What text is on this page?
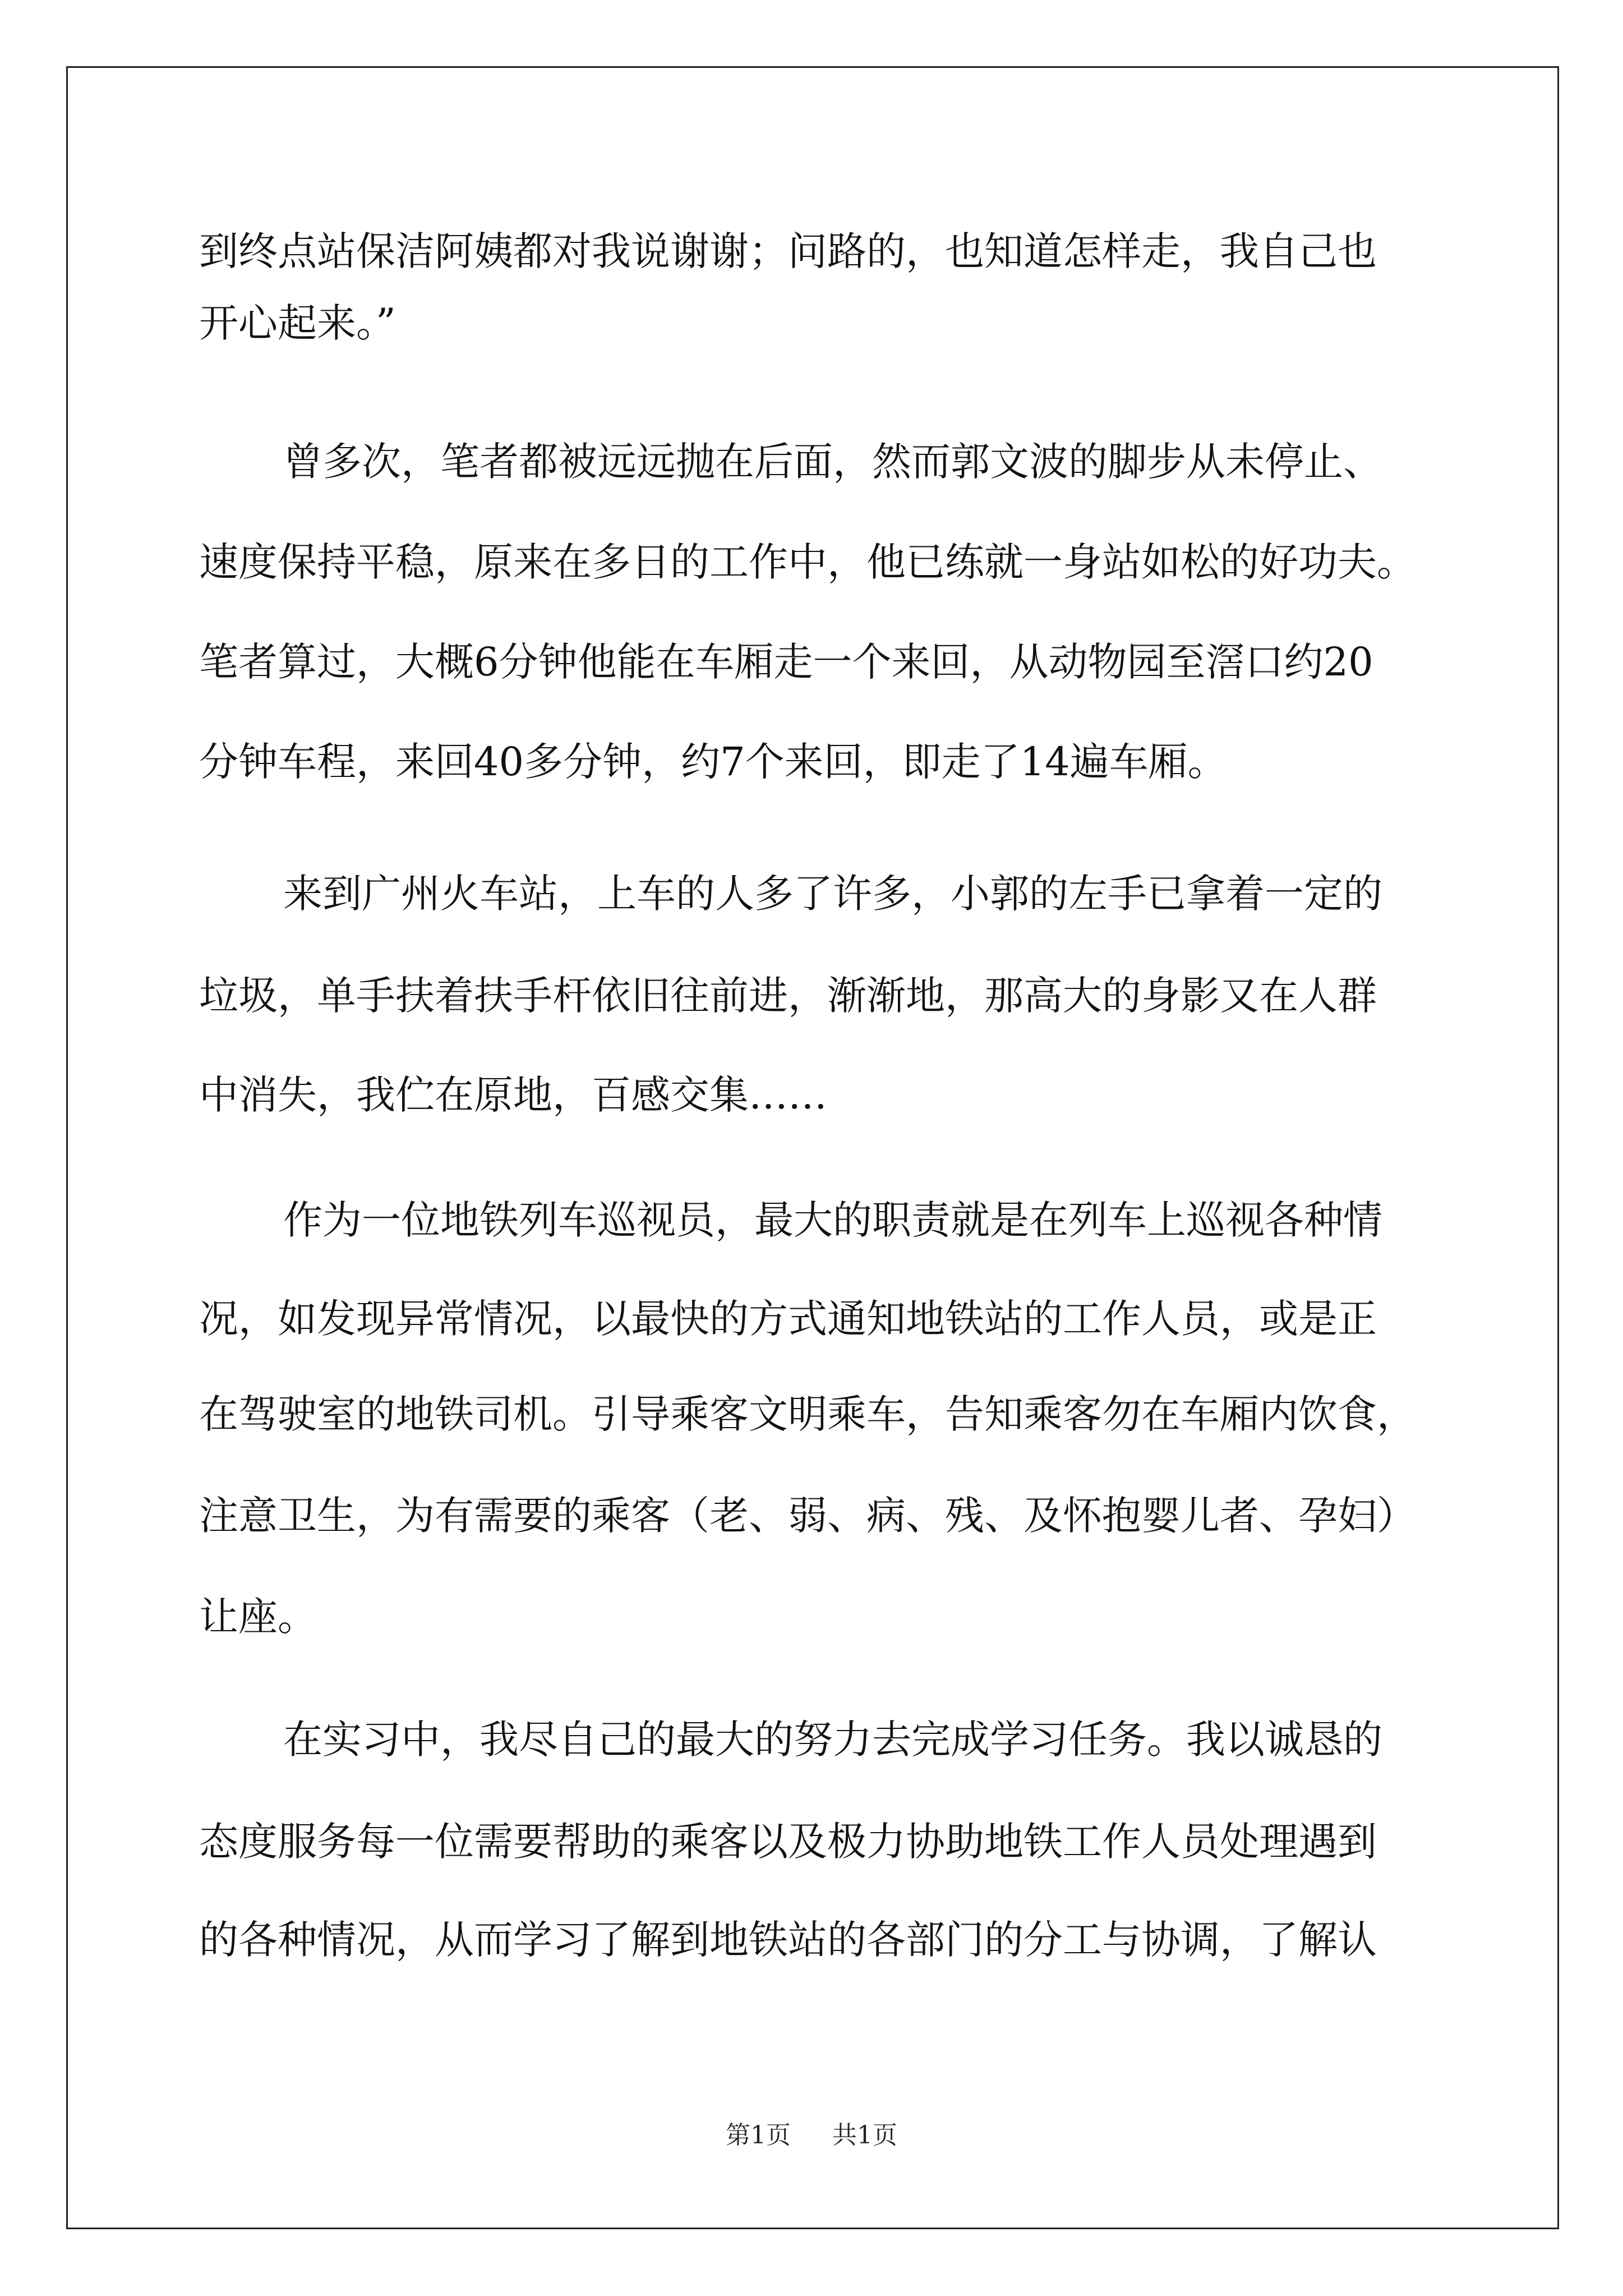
到终点站保洁阿姨都对我说谢谢；问路的，也知道怎样走，我自己也
开心起来。”
曾多次，笔者都被远远抛在后面，然而郭文波的脚步从未停止、
速度保持平稳，原来在多日的工作中，他已练就一身站如松的好功夫。
笔者算过，大概6分钟他能在车厢走一个来回，从动物园至滘口约20
分钟车程，来回40多分钟，约7个来回，即走了14遍车厢。
来到广州火车站，上车的人多了许多，小郭的左手已拿着一定的
垃圾，单手扶着扶手杆依旧往前进，渐渐地，那高大的身影又在人群
中消失，我伫在原地，百感交集……
作为一位地铁列车巡视员，最大的职责就是在列车上巡视各种情
况，如发现异常情况，以最快的方式通知地铁站的工作人员，或是正
在驾驶室的地铁司机。引导乘客文明乘车，告知乘客勿在车厢内饮食，
注意卫生，为有需要的乘客（老、弱、病、残、及怀抱婴儿者、孕妇）
让座。
在实习中，我尽自己的最大的努力去完成学习任务。我以诚恳的
态度服务每一位需要帮助的乘客以及极力协助地铁工作人员处理遇到
的各种情况，从而学习了解到地铁站的各部门的分工与协调，了解认
第1页 共1页
